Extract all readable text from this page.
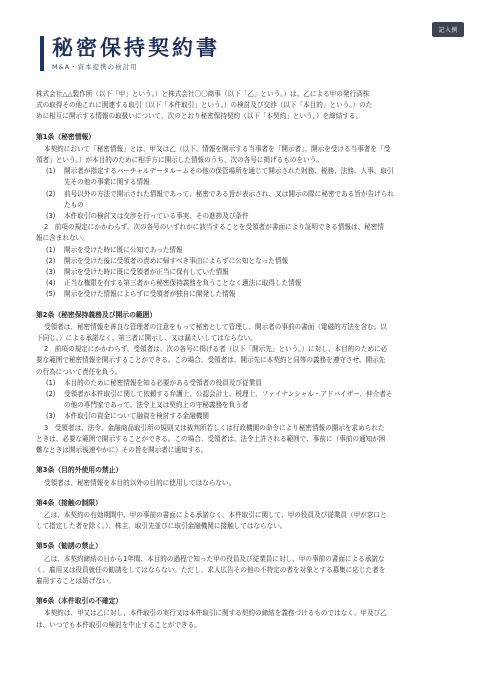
記入例
秘密保持契約書
M&A・資本提携の検討用
株式会社△△製作所（以下「甲」という。）と株式会社〇〇商事（以下「乙」という。）は、乙による甲の発行済株
式の取得その他これに関連する取引（以下「本件取引」という。）の検討及び交渉（以下「本目的」という。）のた
めに相互に開示する情報の取扱いについて、次のとおり秘密保持契約（以下「本契約」という。）を締結する。
第1条（秘密情報）
本契約において「秘密情報」とは、甲又は乙（以下、情報を開示する当事者を「開示者」、開示を受ける当事者を「受
領者」という。）が本目的のために相手方に開示した情報のうち、次の各号に掲げるものをいう。
(1)	開示者が指定するバーチャルデータルームその他の保管場所を通じて開示された財務、税務、法務、人事、取引
先その他の事業に関する情報
(2)	前号以外の方法で開示された情報であって、秘密である旨が表示され、又は開示の際に秘密である旨が告げられ
たもの
(3)	本件取引の検討又は交渉を行っている事実、その進捗及び条件
2　前項の規定にかかわらず、次の各号のいずれかに該当することを受領者が書面により証明できる情報は、秘密情
報に含まれない。
(1)	開示を受けた時に既に公知であった情報
(2)	開示を受けた後に受領者の責めに帰すべき事由によらずに公知となった情報
(3)	開示を受けた時に既に受領者が正当に保有していた情報
(4)	正当な権限を有する第三者から秘密保持義務を負うことなく適法に取得した情報
(5)	開示を受けた情報によらずに受領者が独自に開発した情報
第2条（秘密保持義務及び開示の範囲）
受領者は、秘密情報を善良な管理者の注意をもって秘密として管理し、開示者の事前の書面（電磁的方法を含む。以
下同じ。）による承諾なく、第三者に開示し、又は漏えいしてはならない。
2　前項の規定にかかわらず、受領者は、次の各号に掲げる者（以下「開示先」という。）に対し、本目的のために必
要な範囲で秘密情報を開示することができる。この場合、受領者は、開示先に本契約と同等の義務を遵守させ、開示先
の行為について責任を負う。
(1)	本目的のために秘密情報を知る必要がある受領者の役員及び従業員
(2)	受領者が本件取引に関して依頼する弁護士、公認会計士、税理士、ファイナンシャル・アドバイザー、仲介者そ
の他の専門家であって、法令上又は契約上の守秘義務を負う者
(3)	本件取引の資金について融資を検討する金融機関
3　受領者は、法令、金融商品取引所の規則又は裁判所若しくは行政機関の命令により秘密情報の開示を求められた
ときは、必要な範囲で開示することができる。この場合、受領者は、法令上許される範囲で、事前に（事前の通知が困
難なときは開示後速やかに）その旨を開示者に通知する。
第3条（目的外使用の禁止）
受領者は、秘密情報を本目的以外の目的に使用してはならない。
第4条（接触の制限）
乙は、本契約の有効期間中、甲の事前の書面による承諾なく、本件取引に関して、甲の役員及び従業員（甲が窓口と
して指定した者を除く。）、株主、取引先並びに取引金融機関に接触してはならない。
第5条（勧誘の禁止）
乙は、本契約締結の日から1年間、本目的の過程で知った甲の役員及び従業員に対し、甲の事前の書面による承諾な
く、雇用又は役員就任の勧誘をしてはならない。ただし、求人広告その他の不特定の者を対象とする募集に応じた者を
雇用することは妨げない。
第6条（本件取引の不確定）
本契約は、甲又は乙に対し、本件取引の実行又は本件取引に関する契約の締結を義務づけるものではなく、甲及び乙
は、いつでも本件取引の検討を中止することができる。
